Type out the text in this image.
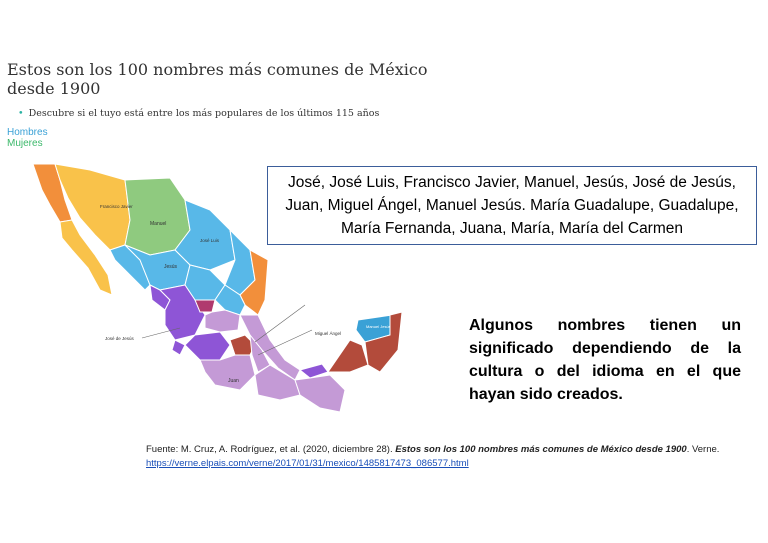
Estos son los 100 nombres más comunes de México desde 1900
• Descubre si el tuyo está entre los más populares de los últimos 115 años
Hombres
Mujeres
Francisco Javier
Manuel
José Luis
Jesús
Juan
José de Jesús
Miguel Ángel
Manuel Jesús
José, José Luis, Francisco Javier, Manuel, Jesús, José de Jesús, Juan, Miguel Ángel, Manuel Jesús. María Guadalupe, Guadalupe, María Fernanda, Juana, María, María del Carmen
Algunos nombres tienen un significado dependiendo de la cultura o del idioma en el que hayan sido creados.
Fuente: M. Cruz, A. Rodríguez, et al. (2020, diciembre 28). Estos son los 100 nombres más comunes de México desde 1900. Verne.
https://verne.elpais.com/verne/2017/01/31/mexico/1485817473_086577.html
